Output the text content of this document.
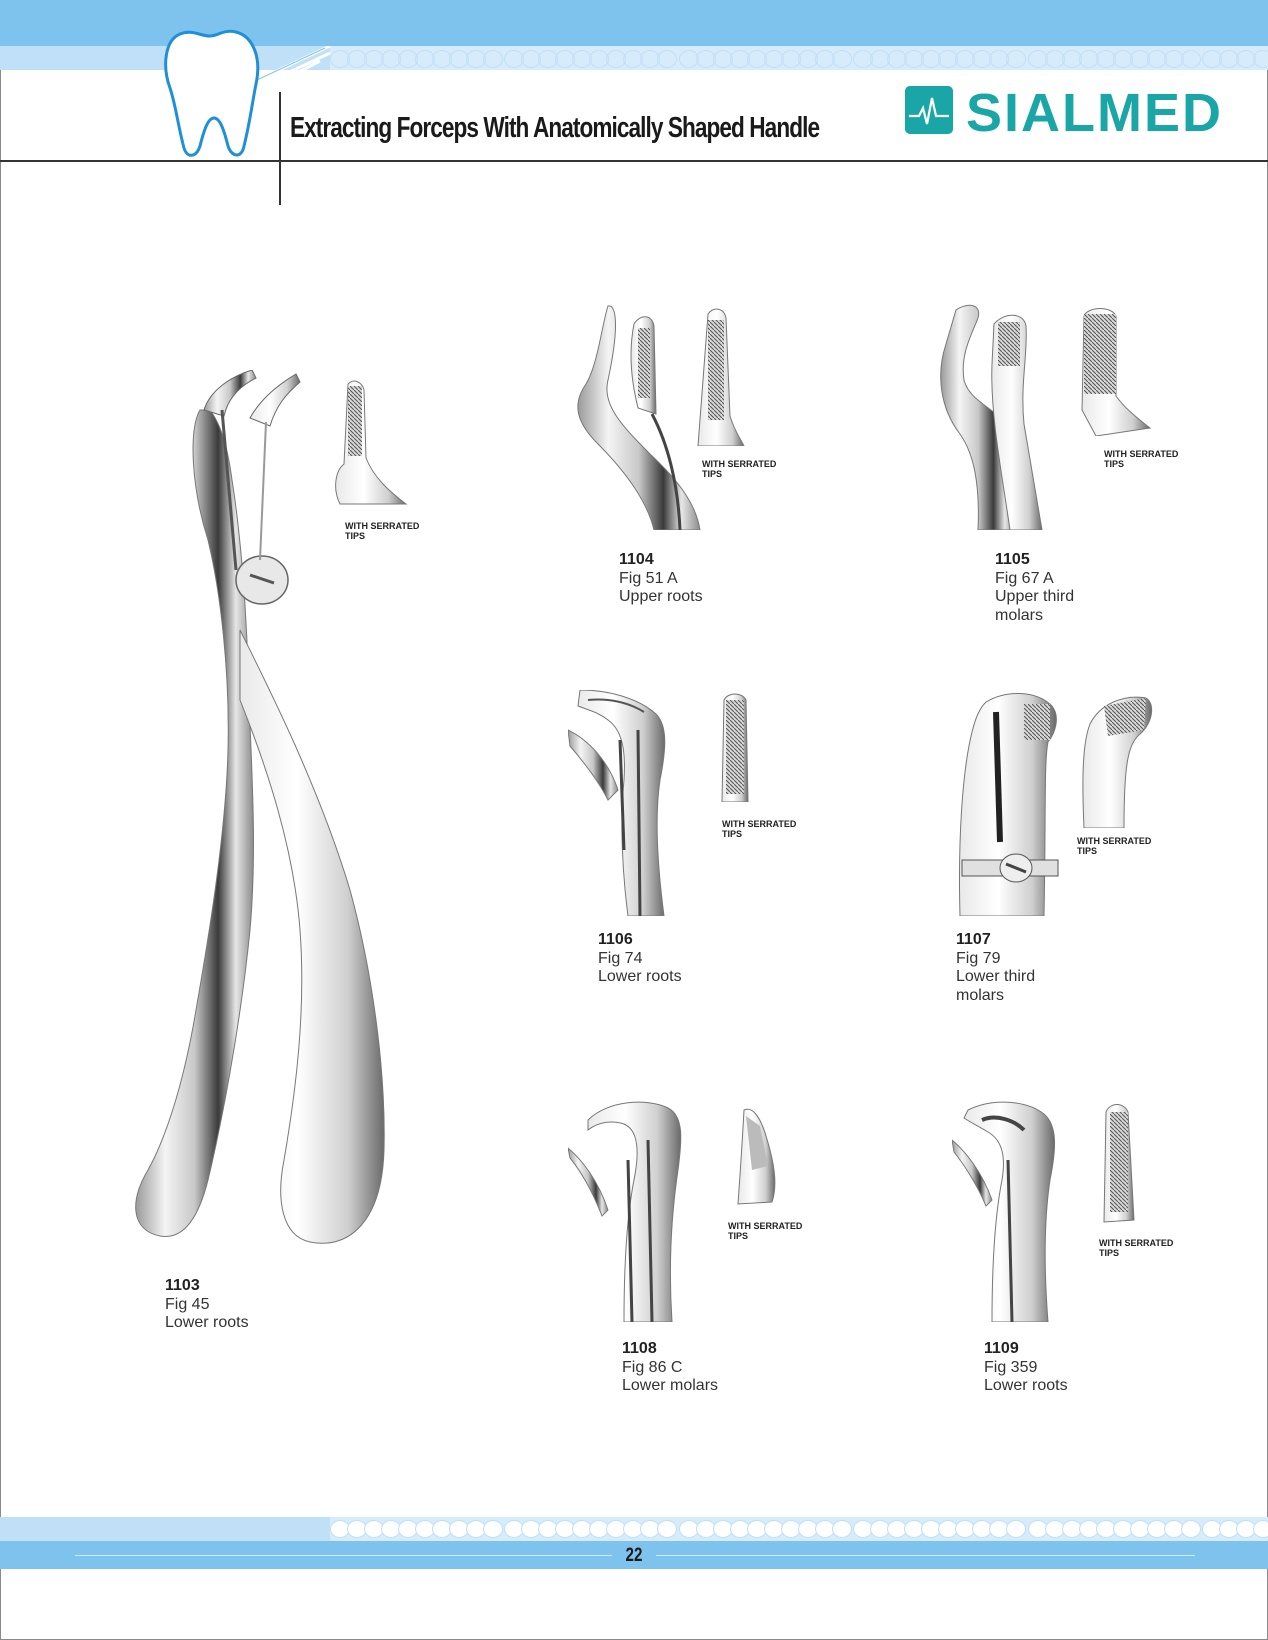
Extracting Forceps With Anatomically Shaped Handle	SIALMED
WITH SERRATED
TIPS
1103
Fig 45
Lower roots
WITH SERRATED
TIPS
1104
Fig 51 A
Upper roots
WITH SERRATED
TIPS
1105
Fig 67 A
Upper third
molars
WITH SERRATED
TIPS
1106
Fig 74
Lower roots
WITH SERRATED
TIPS
1107
Fig 79
Lower third
molars
WITH SERRATED
TIPS
1108
Fig 86 C
Lower molars
WITH SERRATED
TIPS
1109
Fig 359
Lower roots

22
